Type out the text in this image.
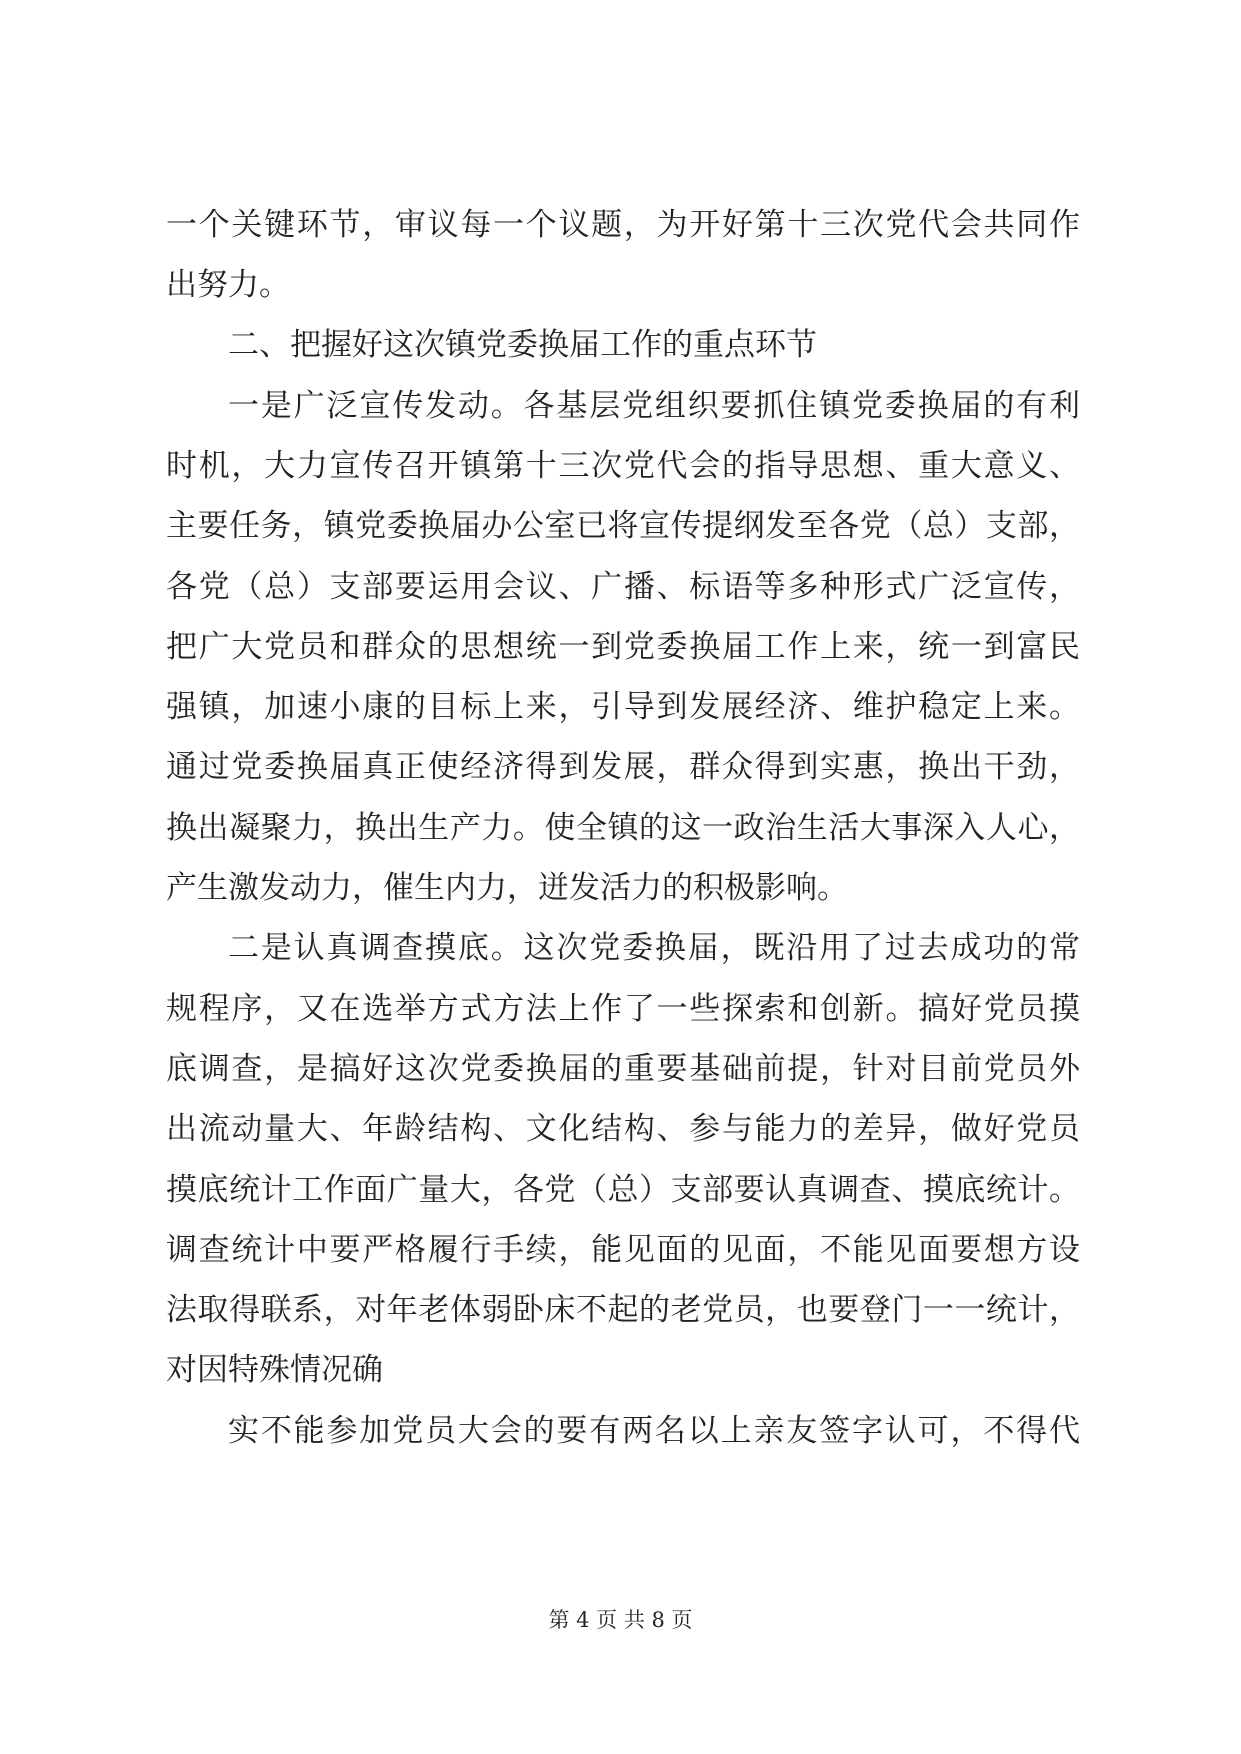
一个关键环节，审议每一个议题，为开好第十三次党代会共同作
出努力。
二、把握好这次镇党委换届工作的重点环节
一是广泛宣传发动。各基层党组织要抓住镇党委换届的有利
时机，大力宣传召开镇第十三次党代会的指导思想、重大意义、
主要任务，镇党委换届办公室已将宣传提纲发至各党（总）支部，
各党（总）支部要运用会议、广播、标语等多种形式广泛宣传，
把广大党员和群众的思想统一到党委换届工作上来，统一到富民
强镇，加速小康的目标上来，引导到发展经济、维护稳定上来。
通过党委换届真正使经济得到发展，群众得到实惠，换出干劲，
换出凝聚力，换出生产力。使全镇的这一政治生活大事深入人心，
产生激发动力，催生内力，迸发活力的积极影响。
二是认真调查摸底。这次党委换届，既沿用了过去成功的常
规程序，又在选举方式方法上作了一些探索和创新。搞好党员摸
底调查，是搞好这次党委换届的重要基础前提，针对目前党员外
出流动量大、年龄结构、文化结构、参与能力的差异，做好党员
摸底统计工作面广量大，各党（总）支部要认真调查、摸底统计。
调查统计中要严格履行手续，能见面的见面，不能见面要想方设
法取得联系，对年老体弱卧床不起的老党员，也要登门一一统计，
对因特殊情况确
实不能参加党员大会的要有两名以上亲友签字认可，不得代
第 4 页 共 8 页
